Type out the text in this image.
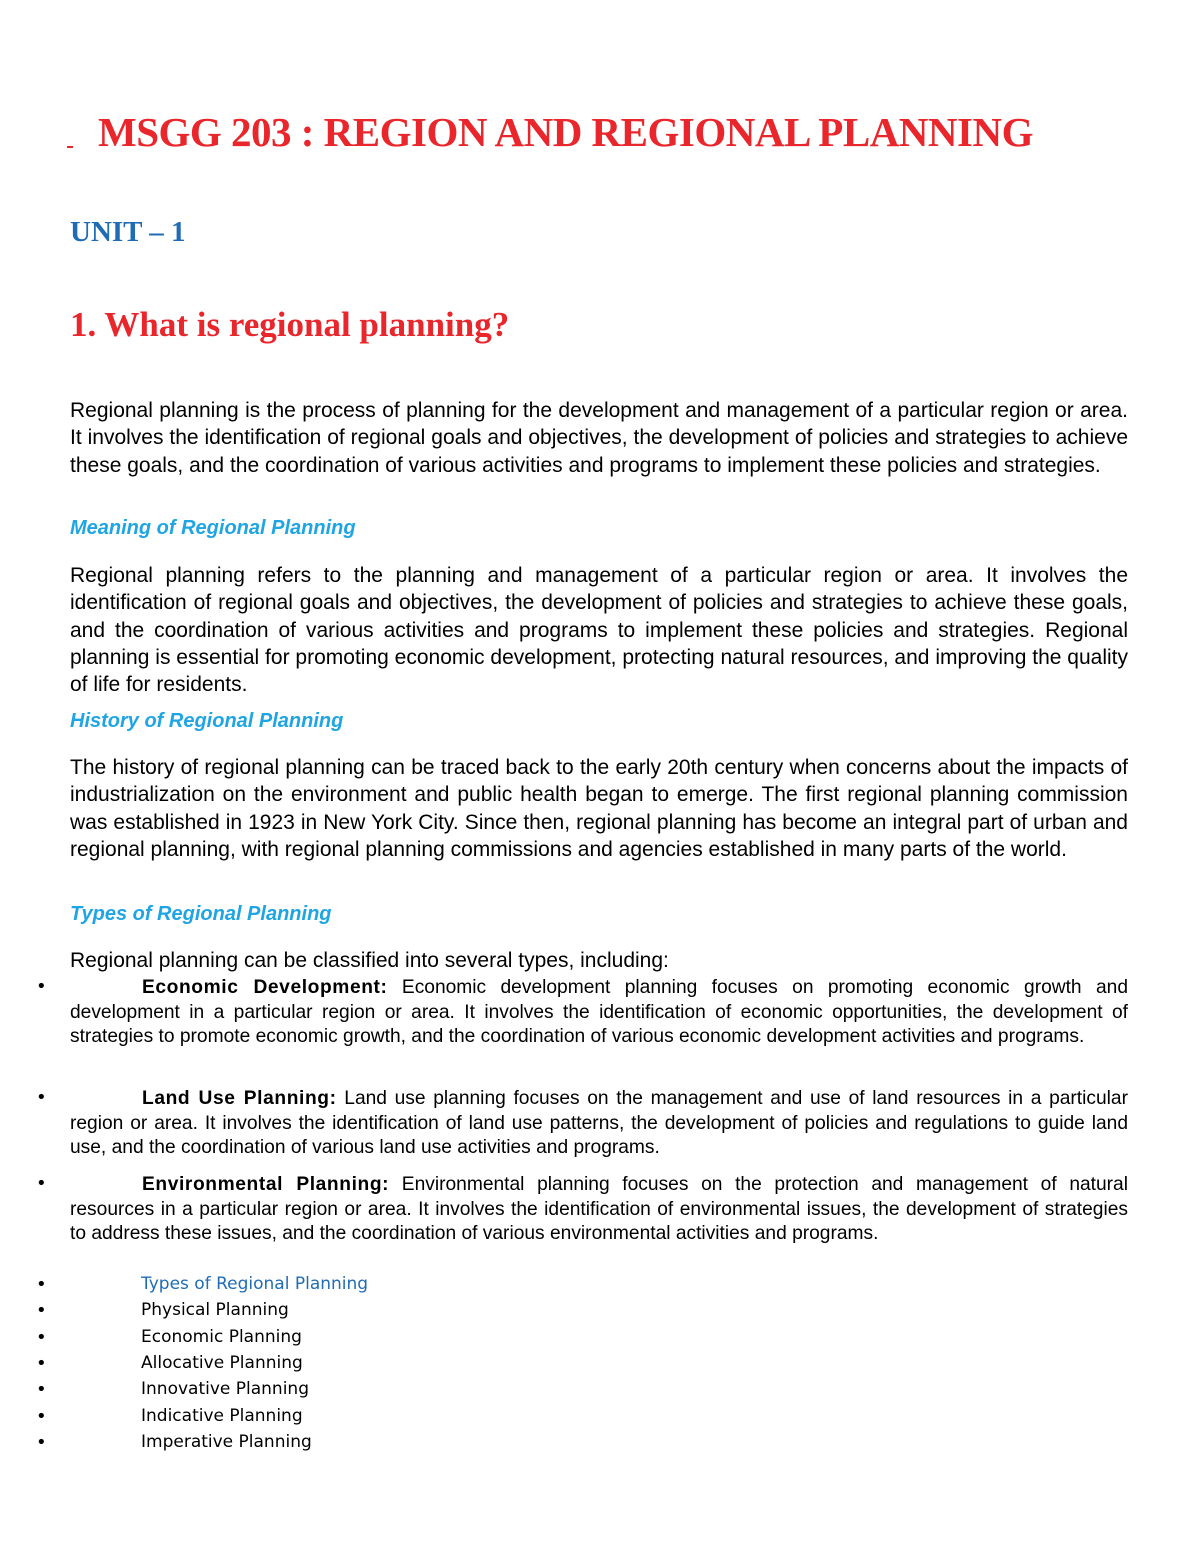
MSGG 203 : REGION AND REGIONAL PLANNING
UNIT – 1
1. What is regional planning?

Regional planning is the process of planning for the development and management of a particular region or area. It involves the identification of regional goals and objectives, the development of policies and strategies to achieve these goals, and the coordination of various activities and programs to implement these policies and strategies.

Meaning of Regional Planning

Regional planning refers to the planning and management of a particular region or area. It involves the identification of regional goals and objectives, the development of policies and strategies to achieve these goals, and the coordination of various activities and programs to implement these policies and strategies. Regional planning is essential for promoting economic development, protecting natural resources, and improving the quality of life for residents.

History of Regional Planning

The history of regional planning can be traced back to the early 20th century when concerns about the impacts of industrialization on the environment and public health began to emerge. The first regional planning commission was established in 1923 in New York City. Since then, regional planning has become an integral part of urban and regional planning, with regional planning commissions and agencies established in many parts of the world.

Types of Regional Planning

Regional planning can be classified into several types, including:

•	Economic Development: Economic development planning focuses on promoting economic growth and development in a particular region or area. It involves the identification of economic opportunities, the development of strategies to promote economic growth, and the coordination of various economic development activities and programs.

•	Land Use Planning: Land use planning focuses on the management and use of land resources in a particular region or area. It involves the identification of land use patterns, the development of policies and regulations to guide land use, and the coordination of various land use activities and programs.

•	Environmental Planning: Environmental planning focuses on the protection and management of natural resources in a particular region or area. It involves the identification of environmental issues, the development of strategies to address these issues, and the coordination of various environmental activities and programs.

•	Types of Regional Planning
•	Physical Planning
•	Economic Planning
•	Allocative Planning
•	Innovative Planning
•	Indicative Planning
•	Imperative Planning
